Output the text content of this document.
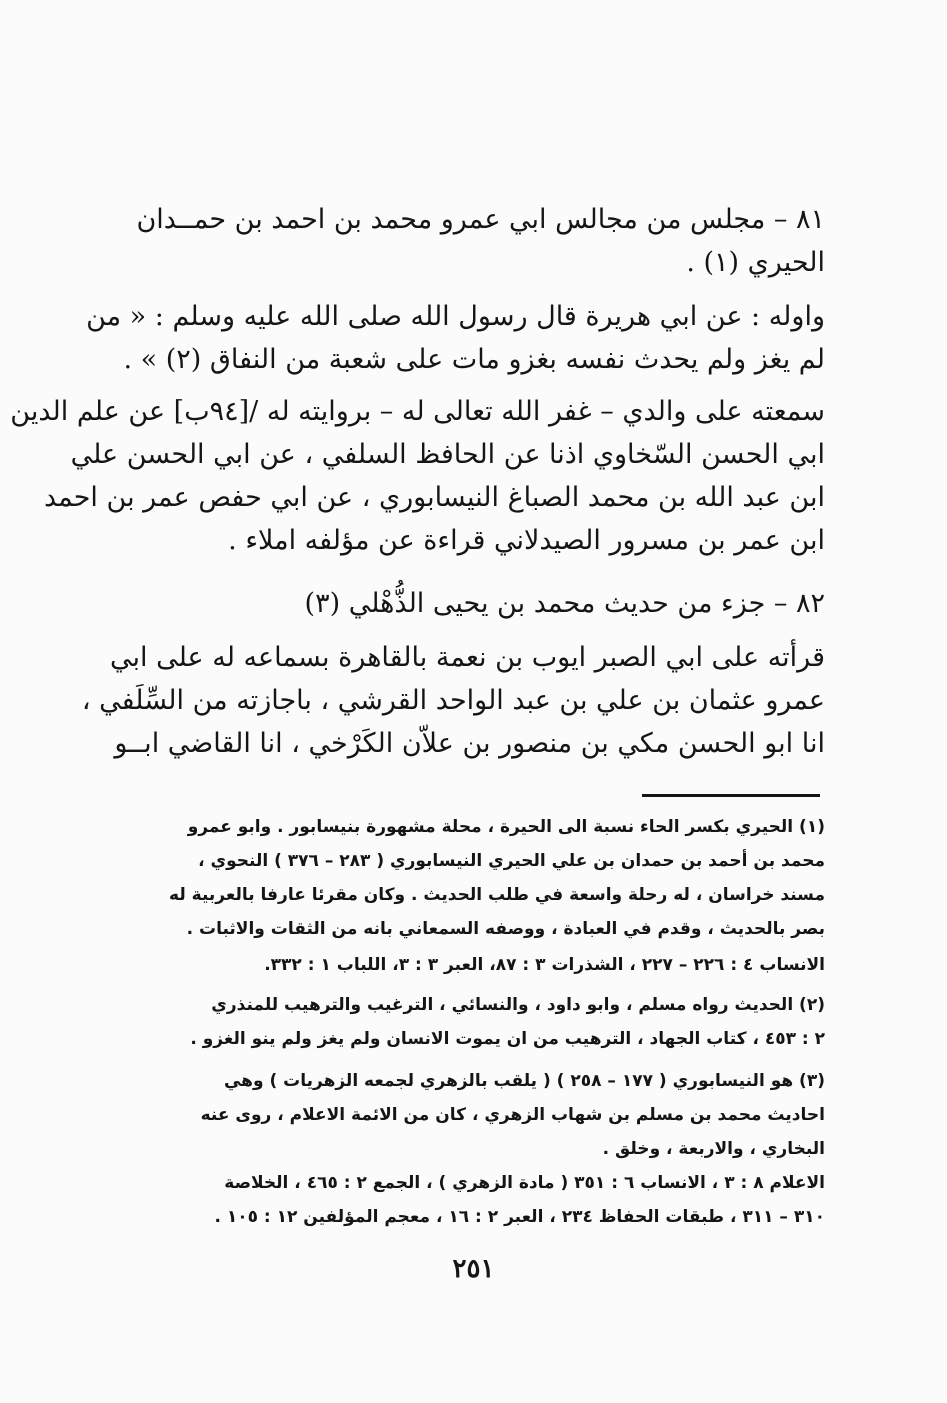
٨١ – مجلس من مجالس ابي عمرو محمد بن احمد بن حمــدان
الحيري (١) .
واوله : عن ابي هريرة قال رسول الله صلى الله عليه وسلم : « من
لم يغز ولم يحدث نفسه بغزو مات على شعبة من النفاق (٢) » .
سمعته على والدي – غفر الله تعالى له – بروايته له /[٩٤ب] عن علم الدين
ابي الحسن السّخاوي اذنا عن الحافظ السلفي ، عن ابي الحسن علي
ابن عبد الله بن محمد الصباغ النيسابوري ، عن ابي حفص عمر بن احمد
ابن عمر بن مسرور الصيدلاني قراءة عن مؤلفه املاء .
٨٢ – جزء من حديث محمد بن يحيى الذُّهْلي (٣)
قرأته على ابي الصبر ايوب بن نعمة بالقاهرة بسماعه له على ابي
عمرو عثمان بن علي بن عبد الواحد القرشي ، باجازته من السِّلَفي ،
انا ابو الحسن مكي بن منصور بن علاّن الكَرْخي ، انا القاضي ابــو
(١) الحيري بكسر الحاء نسبة الى الحيرة ، محلة مشهورة بنيسابور . وابو عمرو
محمد بن أحمد بن حمدان بن علي الحيري النيسابوري ( ٢٨٣ – ٣٧٦ ) النحوي ،
مسند خراسان ، له رحلة واسعة في طلب الحديث . وكان مقرئا عارفا بالعربية له
بصر بالحديث ، وقدم في العبادة ، ووصفه السمعاني بانه من الثقات والاثبات .
الانساب ٤ : ٢٢٦ – ٢٢٧ ، الشذرات ٣ : ٨٧، العبر ٣ : ٣، اللباب ١ : ٣٣٢.
(٢) الحديث رواه مسلم ، وابو داود ، والنسائي ، الترغيب والترهيب للمنذري
٢ : ٤٥٣ ، كتاب الجهاد ، الترهيب من ان يموت الانسان ولم يغز ولم ينو الغزو .
(٣) هو النيسابوري ( ١٧٧ – ٢٥٨ ) ( يلقب بالزهري لجمعه الزهريات ) وهي
احاديث محمد بن مسلم بن شهاب الزهري ، كان من الائمة الاعلام ، روى عنه
البخاري ، والاربعة ، وخلق .
الاعلام ٨ : ٣ ، الانساب ٦ : ٣٥١ ( مادة الزهري ) ، الجمع ٢ : ٤٦٥ ، الخلاصة
٣١٠ – ٣١١ ، طبقات الحفاظ ٢٣٤ ، العبر ٢ : ١٦ ، معجم المؤلفين ١٢ : ١٠٥ .
٢٥١
